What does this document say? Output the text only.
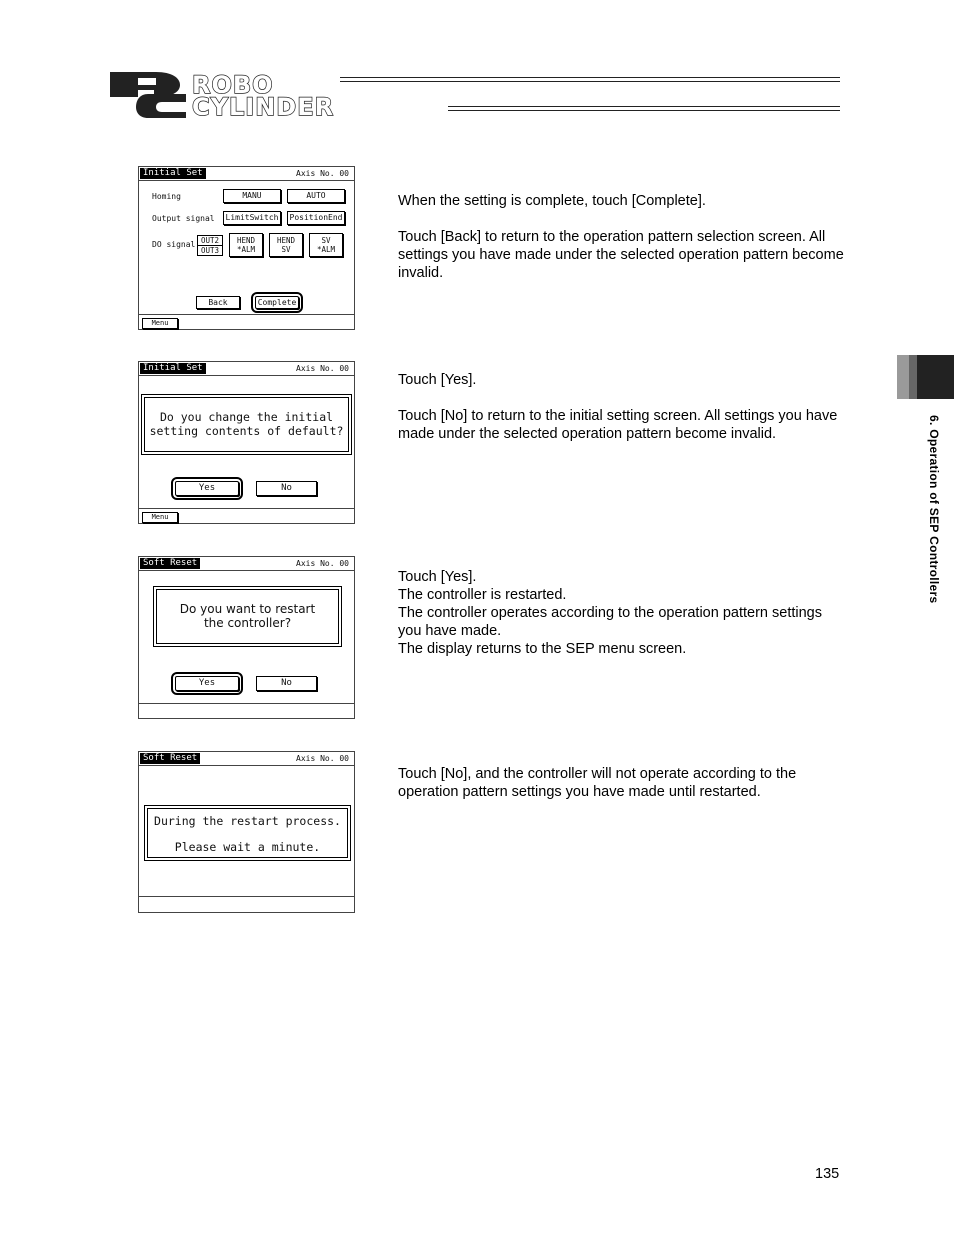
ROBO
CYLINDER
6. Operation of SEP Controllers
Initial Set	Axis No. 00
Homing	MANU	AUTO
Output signal	LimitSwitch	PositionEnd
DO signal OUT2
OUT3
HEND
*ALM
HEND
SV
SV
*ALM
Back	Complete
Menu

When the setting is complete, touch [Complete].

Touch [Back] to return to the operation pattern selection screen. All settings you have made under the selected operation pattern become invalid.

Initial Set	Axis No. 00
Do you change the initial
setting contents of default?
Yes	No
Menu

Touch [Yes].

Touch [No] to return to the initial setting screen. All settings you have made under the selected operation pattern become invalid.

Soft Reset	Axis No. 00
Do you want to restart
the controller?
Yes	No

Touch [Yes].

The controller is restarted.
The controller operates according to the operation pattern settings you have made.
The display returns to the SEP menu screen.
Soft Reset	Axis No. 00
During the restart process.
Please wait a minute.

Touch [No], and the controller will not operate according to the operation pattern settings you have made until restarted.

135
